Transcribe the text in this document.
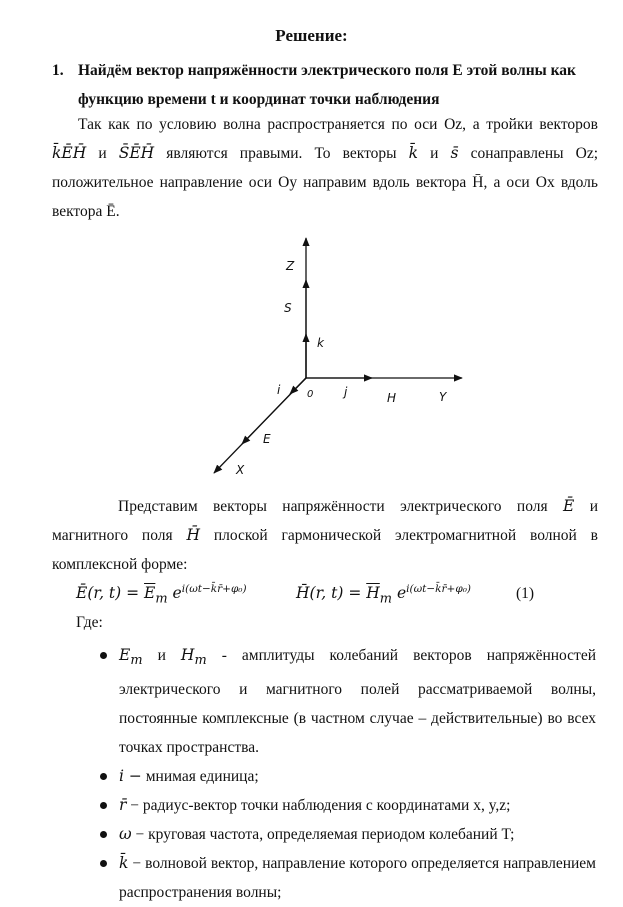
Решение:
1. Найдём вектор напряжённости электрического поля E этой волны как функцию времени t и координат точки наблюдения
Так как по условию волна распространяется по оси Oz, а тройки векторов k̄ĒH̄ и S̄ĒH̄ являются правыми. То векторы k̄ и s̄ сонаправлены Oz; положительное направление оси Oy направим вдоль вектора H̄, а оси Ox вдоль вектора Ē.
Z
S
k
0
i	j	H	Y
E
X
Представим векторы напряжённости электрического поля Ē и магнитного поля H̄ плоской гармонической электромагнитной волной в комплексной форме:
Ē(r, $t) = \overline{E}_m$ $e^{i(\omega t-k̄r̄+\varphi_0)}$	H̄(r, $t) = \overline{H}_m$ $e^{i(\omega t-k̄r̄+\varphi_0)}$	(1)
Где:
$E_m$ и $H_m$ - амплитуды колебаний векторов напряжённостей электрического и магнитного полей рассматриваемой волны, постоянные комплексные (в частном случае – действительные) во всех точках пространства.
i − мнимая единица;
r̄ − радиус-вектор точки наблюдения с координатами x, y,z;
ω − круговая частота, определяемая периодом колебаний T;
k̄ − волновой вектор, направление которого определяется направлением распространения волны;
